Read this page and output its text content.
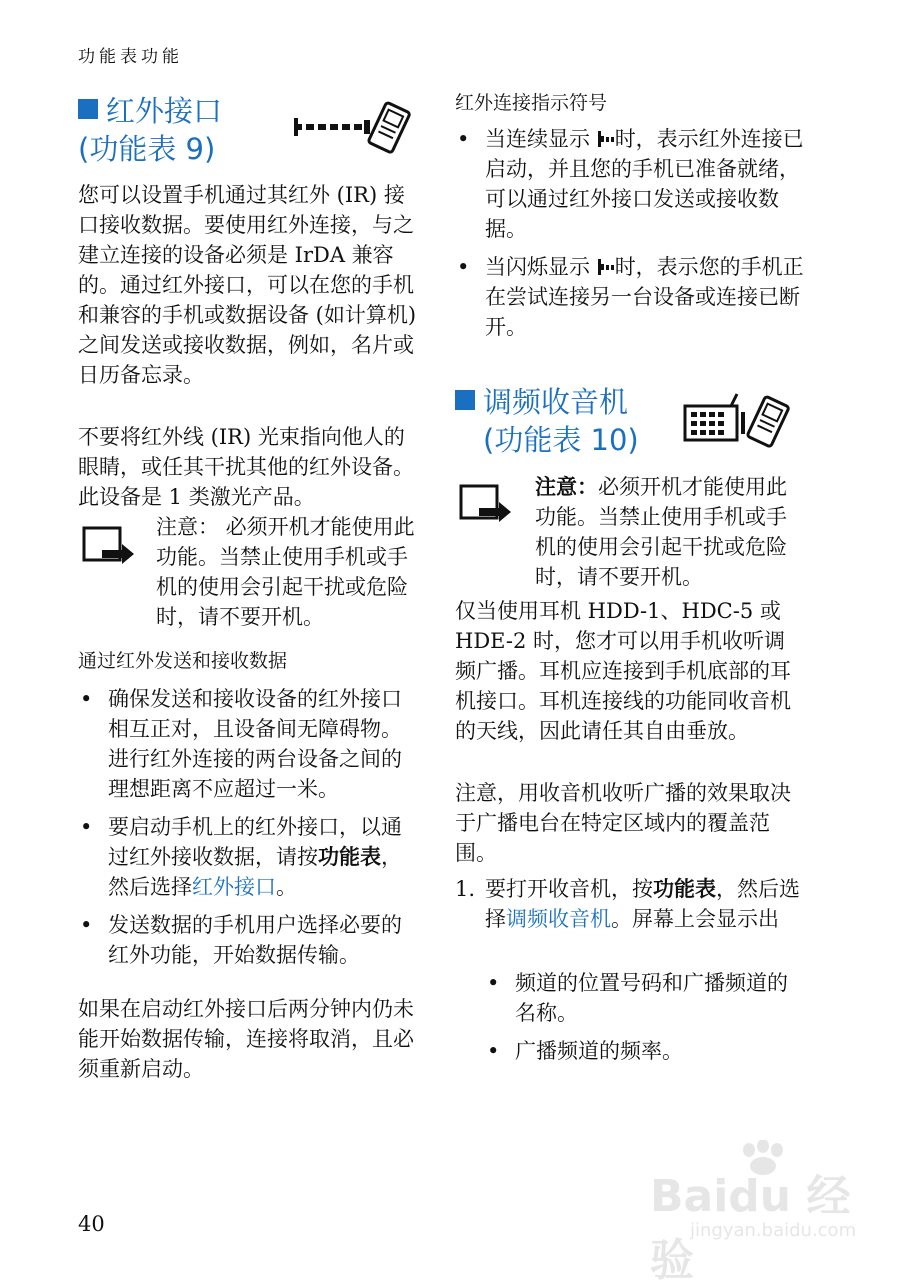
功能表功能
红外接口
(功能表 9)

您可以设置手机通过其红外 (IR) 接口接收数据。要使用红外连接，与之建立连接的设备必须是 IrDA 兼容的。通过红外接口，可以在您的手机和兼容的手机或数据设备 (如计算机) 之间发送或接收数据，例如，名片或日历备忘录。

不要将红外线 (IR) 光束指向他人的眼睛，或任其干扰其他的红外设备。此设备是 1 类激光产品。

注意： 必须开机才能使用此功能。当禁止使用手机或手机的使用会引起干扰或危险时，请不要开机。
通过红外发送和接收数据
• 确保发送和接收设备的红外接口相互正对，且设备间无障碍物。进行红外连接的两台设备之间的理想距离不应超过一米。
• 要启动手机上的红外接口，以通过红外接收数据，请按功能表，然后选择红外接口。
• 发送数据的手机用户选择必要的红外功能，开始数据传输。

如果在启动红外接口后两分钟内仍未能开始数据传输，连接将取消，且必须重新启动。

红外连接指示符号
• 当连续显示 时，表示红外连接已启动，并且您的手机已准备就绪，可以通过红外接口发送或接收数据。
• 当闪烁显示 时，表示您的手机正在尝试连接另一台设备或连接已断开。
调频收音机
(功能表 10)
注意：必须开机才能使用此功能。当禁止使用手机或手机的使用会引起干扰或危险时，请不要开机。

仅当使用耳机 HDD-1、HDC-5 或 HDE-2 时，您才可以用手机收听调频广播。耳机应连接到手机底部的耳机接口。耳机连接线的功能同收音机的天线，因此请任其自由垂放。

注意，用收音机收听广播的效果取决于广播电台在特定区域内的覆盖范围。

1. 要打开收音机，按功能表，然后选择调频收音机。屏幕上会显示出
• 频道的位置号码和广播频道的名称。
• 广播频道的频率。
40
Baidu 经验
jingyan.baidu.com
